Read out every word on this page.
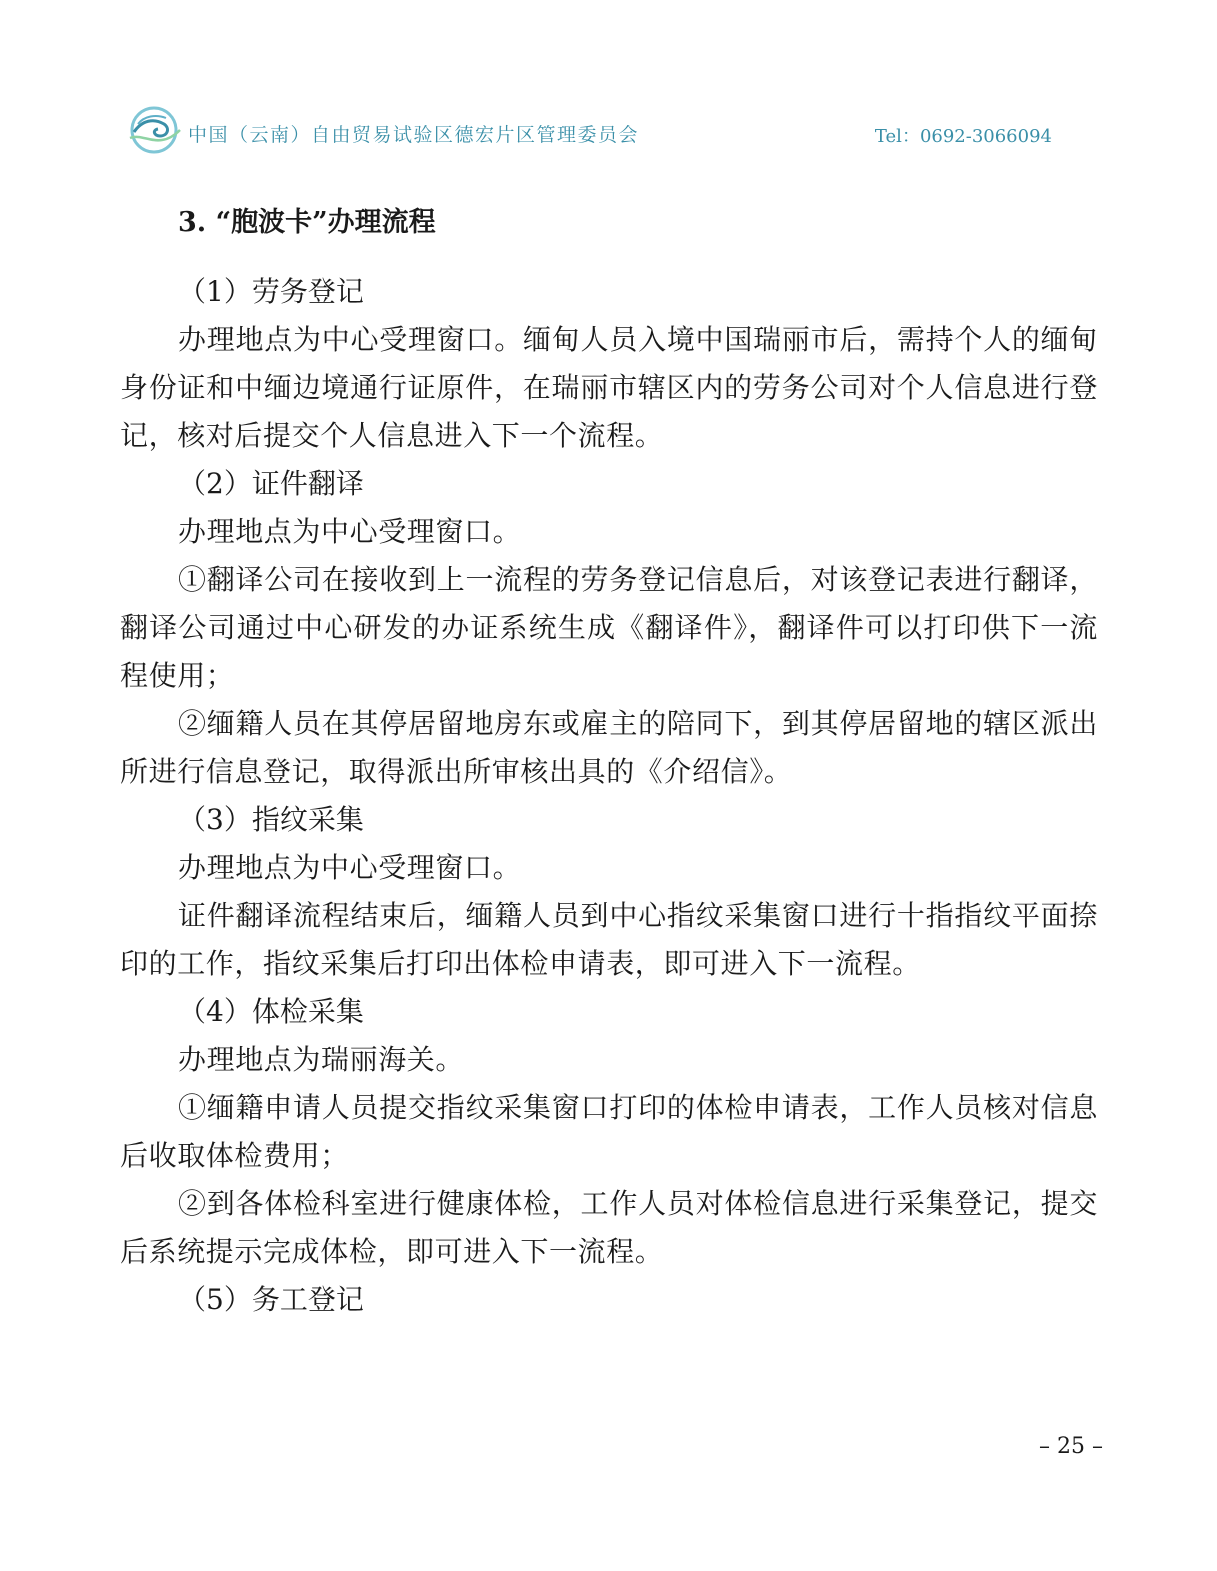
中国（云南）自由贸易试验区德宏片区管理委员会	Tel：0692-3066094
3. “胞波卡”办理流程

（1）劳务登记

办理地点为中心受理窗口。缅甸人员入境中国瑞丽市后，需持个人的缅甸身份证和中缅边境通行证原件，在瑞丽市辖区内的劳务公司对个人信息进行登记，核对后提交个人信息进入下一个流程。

（2）证件翻译

办理地点为中心受理窗口。

①翻译公司在接收到上一流程的劳务登记信息后，对该登记表进行翻译，翻译公司通过中心研发的办证系统生成《翻译件》，翻译件可以打印供下一流程使用；

②缅籍人员在其停居留地房东或雇主的陪同下，到其停居留地的辖区派出所进行信息登记，取得派出所审核出具的《介绍信》。

（3）指纹采集

办理地点为中心受理窗口。

证件翻译流程结束后，缅籍人员到中心指纹采集窗口进行十指指纹平面捺印的工作，指纹采集后打印出体检申请表，即可进入下一流程。

（4）体检采集

办理地点为瑞丽海关。

①缅籍申请人员提交指纹采集窗口打印的体检申请表，工作人员核对信息后收取体检费用；

②到各体检科室进行健康体检，工作人员对体检信息进行采集登记，提交后系统提示完成体检，即可进入下一流程。

（5）务工登记

– 25 –
